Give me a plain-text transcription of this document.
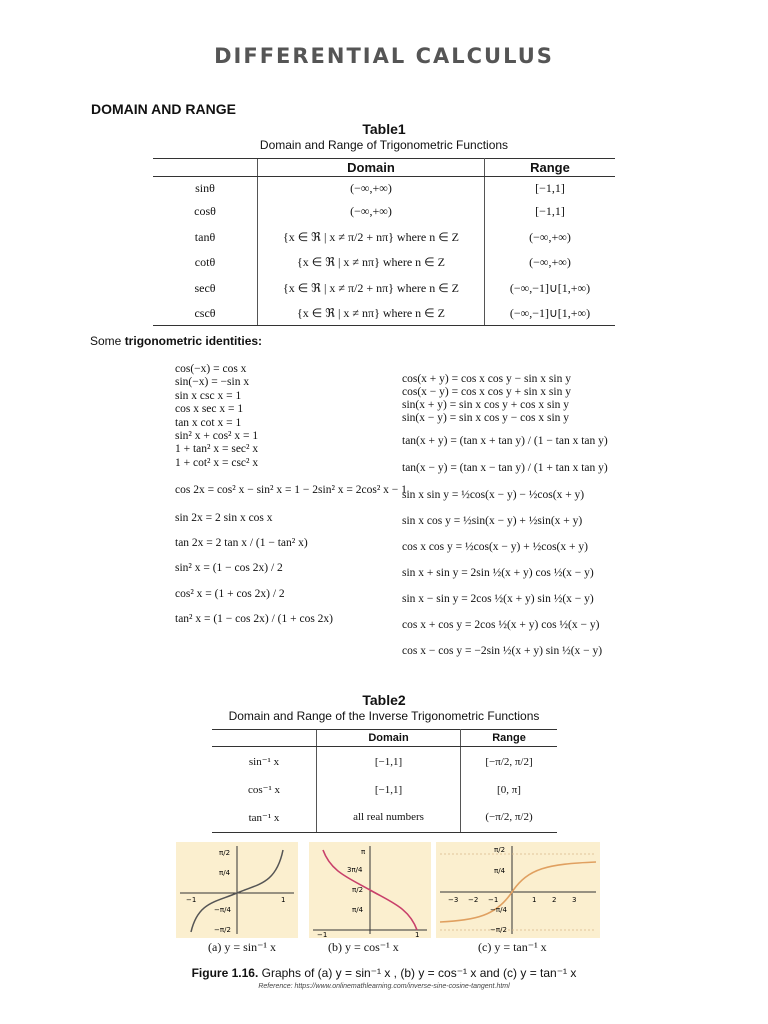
DIFFERENTIAL CALCULUS
DOMAIN AND RANGE
Table1
Domain and Range of Trigonometric Functions
	Domain	Range
sinθ	(−∞,+∞)	[−1,1]
cosθ	(−∞,+∞)	[−1,1]
tanθ	{x ∈ ℜ | x ≠ π/2 + nπ} where n ∈ Z	(−∞,+∞)
cotθ	{x ∈ ℜ | x ≠ nπ} where n ∈ Z	(−∞,+∞)
secθ	{x ∈ ℜ | x ≠ π/2 + nπ} where n ∈ Z	(−∞,−1]∪[1,+∞)
cscθ	{x ∈ ℜ | x ≠ nπ} where n ∈ Z	(−∞,−1]∪[1,+∞)
Some trigonometric identities:
cos(−x) = cos x
sin(−x) = −sin x
sin x csc x = 1
cos x sec x = 1
tan x cot x = 1
sin² x + cos² x = 1
1 + tan² x = sec² x
1 + cot² x = csc² x
cos 2x = cos² x − sin² x = 1 − 2sin² x = 2cos² x − 1
sin 2x = 2 sin x cos x
tan 2x = 2 tan x / (1 − tan² x)
sin² x = (1 − cos 2x) / 2
cos² x = (1 + cos 2x) / 2
tan² x = (1 − cos 2x) / (1 + cos 2x)
cos(x + y) = cos x cos y − sin x sin y
cos(x − y) = cos x cos y + sin x sin y
sin(x + y) = sin x cos y + cos x sin y
sin(x − y) = sin x cos y − cos x sin y
tan(x + y) = (tan x + tan y) / (1 − tan x tan y)
tan(x − y) = (tan x − tan y) / (1 + tan x tan y)
sin x sin y = ½cos(x − y) − ½cos(x + y)
sin x cos y = ½sin(x − y) + ½sin(x + y)
cos x cos y = ½cos(x − y) + ½cos(x + y)
sin x + sin y = 2sin ½(x + y) cos ½(x − y)
sin x − sin y = 2cos ½(x + y) sin ½(x − y)
cos x + cos y = 2cos ½(x + y) cos ½(x − y)
cos x − cos y = −2sin ½(x + y) sin ½(x − y)
Table2
Domain and Range of the Inverse Trigonometric Functions
	Domain	Range
sin⁻¹ x	[−1,1]	[−π/2, π/2]
cos⁻¹ x	[−1,1]	[0, π]
tan⁻¹ x	all real numbers	(−π/2, π/2)
π/2
π/4
−π/4
−π/2
−1	1
π
3π/4
π/2
π/4
−1	1
π/2
π/4
−π/4
−π/2
−3 −2 −1	1 2 3
(a) y = sin⁻¹ x	(b) y = cos⁻¹ x	(c) y = tan⁻¹ x
Figure 1.16. Graphs of (a) y = sin⁻¹ x , (b) y = cos⁻¹ x and (c) y = tan⁻¹ x
Reference: https://www.onlinemathlearning.com/inverse-sine-cosine-tangent.html
